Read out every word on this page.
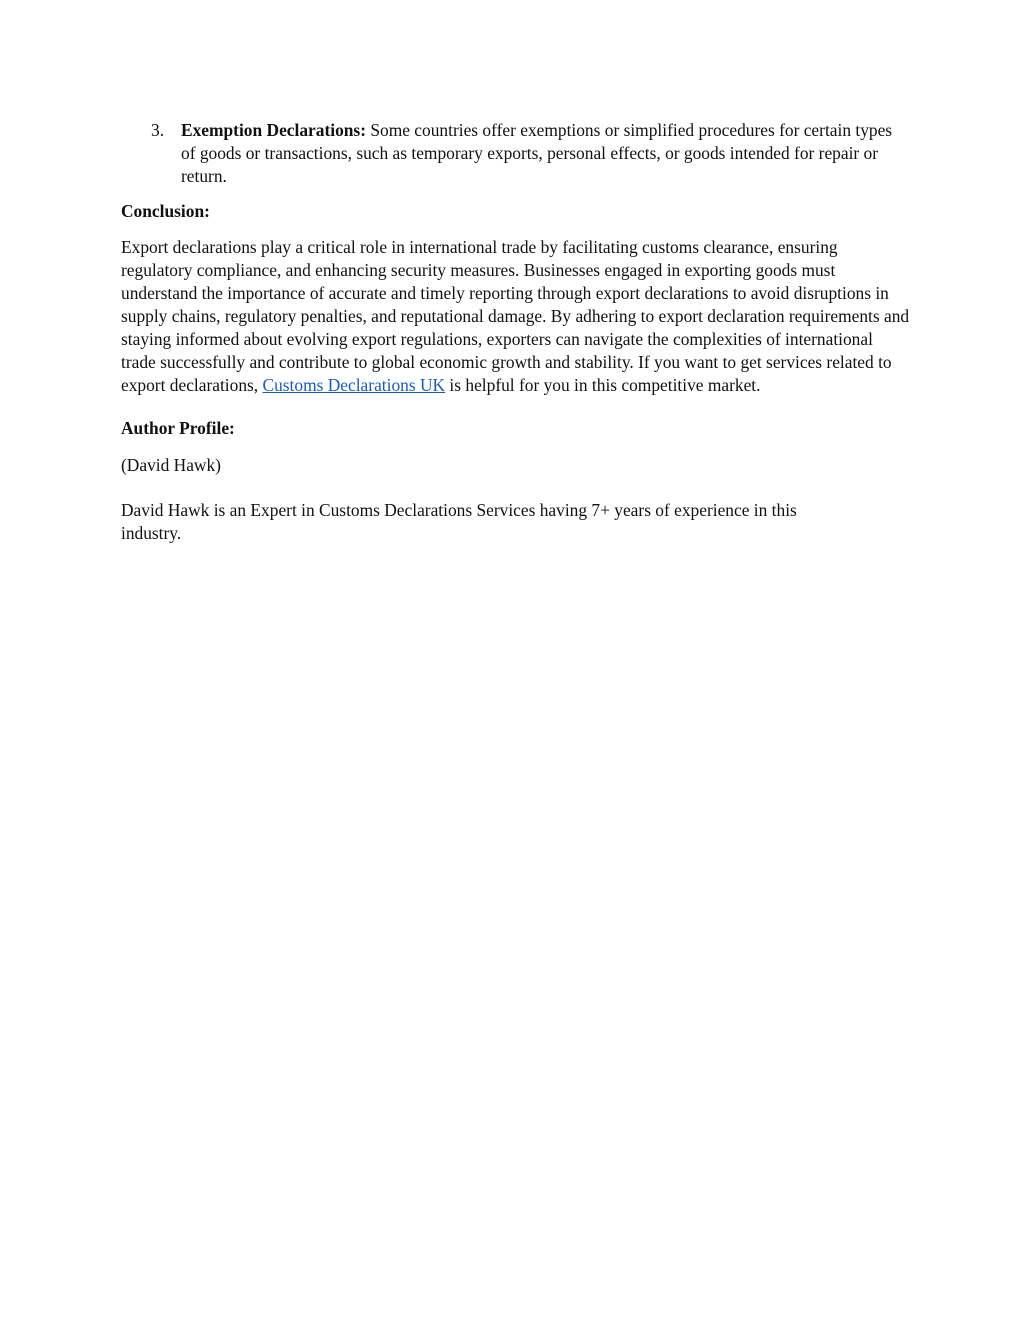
3. Exemption Declarations: Some countries offer exemptions or simplified procedures for certain types of goods or transactions, such as temporary exports, personal effects, or goods intended for repair or return.

Conclusion:

Export declarations play a critical role in international trade by facilitating customs clearance, ensuring regulatory compliance, and enhancing security measures. Businesses engaged in exporting goods must understand the importance of accurate and timely reporting through export declarations to avoid disruptions in supply chains, regulatory penalties, and reputational damage. By adhering to export declaration requirements and staying informed about evolving export regulations, exporters can navigate the complexities of international trade successfully and contribute to global economic growth and stability. If you want to get services related to export declarations, Customs Declarations UK is helpful for you in this competitive market.

Author Profile:

(David Hawk)

David Hawk is an Expert in Customs Declarations Services having 7+ years of experience in this industry.
